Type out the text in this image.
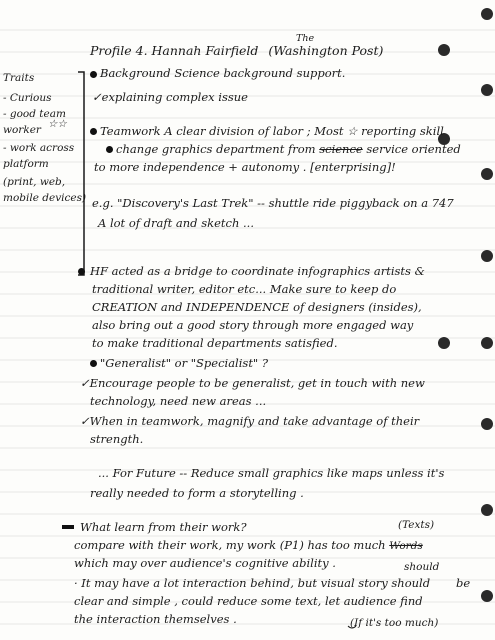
Traits
- Curious
- good team
worker ☆☆
- work across
platform
(print, web,
mobile devices)
Profile 4. Hannah Fairfield (Washington Post)
The
Background Science background support.
✓explaining complex issue
Teamwork A clear division of labor ; Most ☆ reporting skill
change graphics department from science service oriented
to more independence + autonomy . [enterprising]!
e.g. "Discovery's Last Trek" -- shuttle ride piggyback on a 747
A lot of draft and sketch ...
HF acted as a bridge to coordinate infographics artists &
traditional writer, editor etc... Make sure to keep do
CREATION and INDEPENDENCE of designers (insides),
also bring out a good story through more engaged way
to make traditional departments satisfied.
"Generalist" or "Specialist" ?
✓Encourage people to be generalist, get in touch with new
technology, need new areas ...
✓When in teamwork, magnify and take advantage of their
strength.
... For Future -- Reduce small graphics like maps unless it's
really needed to form a storytelling .
What learn from their work?	(Texts)
compare with their work, my work (P1) has too much Words
which may over audience's cognitive ability .	should
· It may have a lot interaction behind, but visual story should be
clear and simple , could reduce some text, let audience find
the interaction themselves .	(If it's too much)
